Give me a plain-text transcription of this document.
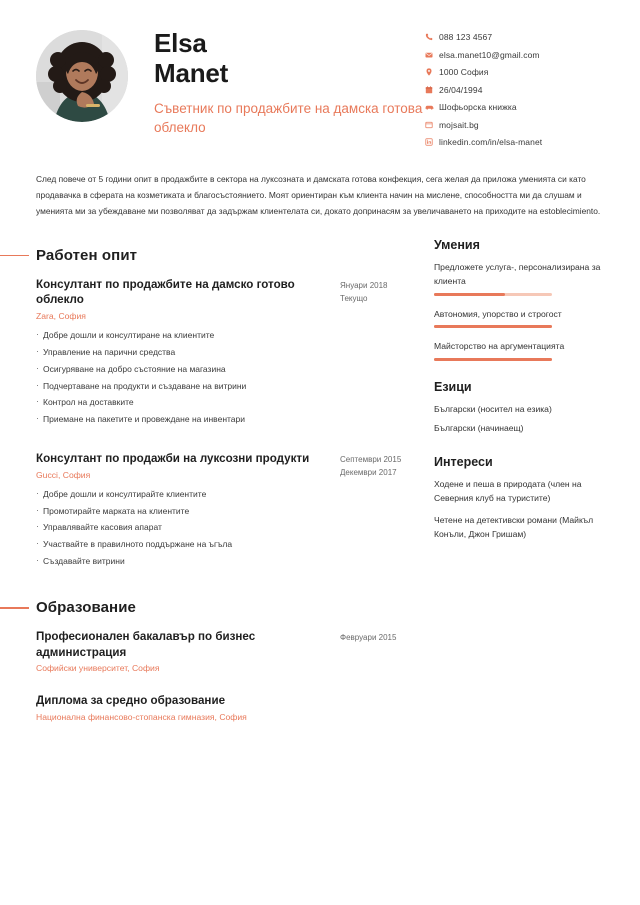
Elsa
Manet
Съветник по продажбите на дамска готова облекло
088 123 4567
elsa.manet10@gmail.com
1000 София
26/04/1994
Шофьорска книжка
mojsait.bg
linkedin.com/in/elsa-manet
След повече от 5 години опит в продажбите в сектора на луксозната и дамската готова конфекция, сега желая да приложа уменията си като продавачка в сферата на козметиката и благосъстоянието. Моят ориентиран към клиента начин на мислене, способността ми да слушам и уменията ми за убеждаване ми позволяват да задържам клиентелата си, докато допринасям за увеличаването на приходите на estoblecimiento.
Работен опит
Консултант по продажбите на дамско готово облекло
Zara, София
· Добре дошли и консултиране на клиентите
· Управление на парични средства
· Осигуряване на добро състояние на магазина
· Подчертаване на продукти и създаване на витрини
· Контрол на доставките
· Приемане на пакетите и провеждане на инвентари
Януари 2018
Текущо
Консултант по продажби на луксозни продукти
Gucci, София
· Добре дошли и консултирайте клиентите
· Промотирайте марката на клиентите
· Управлявайте касовия апарат
· Участвайте в правилното поддържане на ъгъла
· Създавайте витрини
Септември 2015
Декември 2017
Образование
Професионален бакалавър по бизнес администрация
Софийски университет, София
Февруари 2015
Диплома за средно образование
Национална финансово-стопанска гимназия, София
Умения
Предложете услуга-, персонализирана за клиента
Автономия, упорство и строгост
Майсторство на аргументацията
Езици
Български (носител на езика)
Български (начинаещ)
Интереси
Ходене и пеша в природата (член на Северния клуб на туристите)
Четене на детективски романи (Майкъл Конъли, Джон Гришам)
